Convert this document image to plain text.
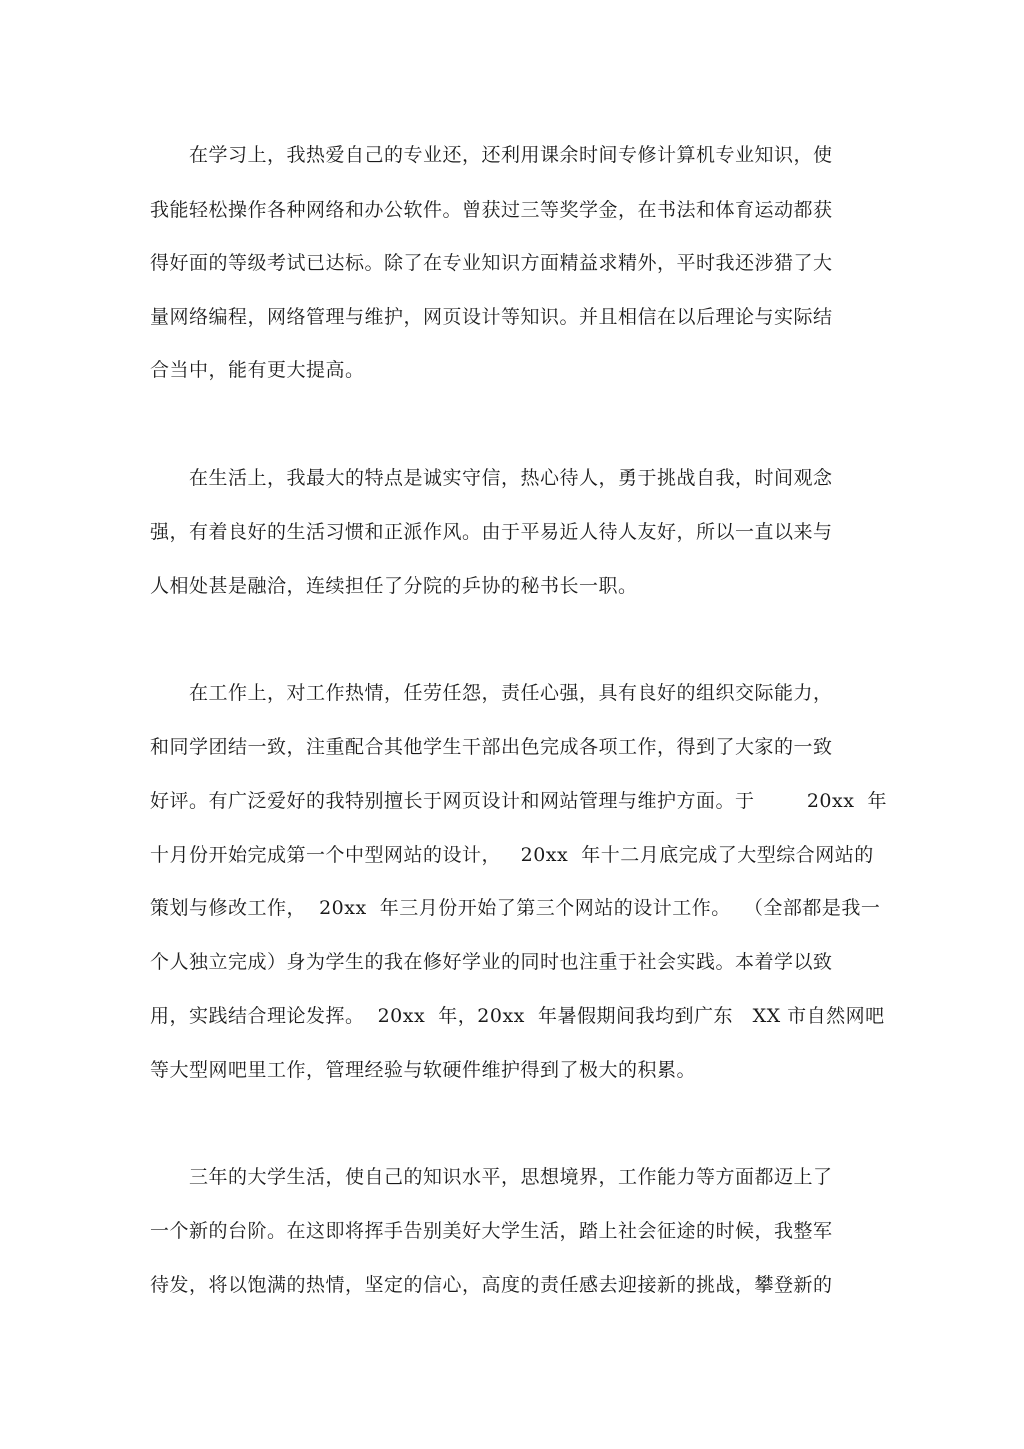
　　在学习上，我热爱自己的专业还，还利用课余时间专修计算机专业知识，使

我能轻松操作各种网络和办公软件。曾获过三等奖学金，在书法和体育运动都获

得好面的等级考试已达标。除了在专业知识方面精益求精外，平时我还涉猎了大

量网络编程，网络管理与维护，网页设计等知识。并且相信在以后理论与实际结

合当中，能有更大提高。

　　在生活上，我最大的特点是诚实守信，热心待人，勇于挑战自我，时间观念

强，有着良好的生活习惯和正派作风。由于平易近人待人友好，所以一直以来与

人相处甚是融洽，连续担任了分院的乒协的秘书长一职。

　　在工作上，对工作热情，任劳任怨，责任心强，具有良好的组织交际能力，

和同学团结一致，注重配合其他学生干部出色完成各项工作，得到了大家的一致

好评。有广泛爱好的我特别擅长于网页设计和网站管理与维护方面。于        20xx  年

十月份开始完成第一个中型网站的设计，   20xx  年十二月底完成了大型综合网站的

策划与修改工作，  20xx  年三月份开始了第三个网站的设计工作。  （全部都是我一

个人独立完成）身为学生的我在修好学业的同时也注重于社会实践。本着学以致

用，实践结合理论发挥。  20xx  年，20xx  年暑假期间我均到广东   XX 市自然网吧

等大型网吧里工作，管理经验与软硬件维护得到了极大的积累。

　　三年的大学生活，使自己的知识水平，思想境界，工作能力等方面都迈上了

一个新的台阶。在这即将挥手告别美好大学生活，踏上社会征途的时候，我整军

待发，将以饱满的热情，坚定的信心，高度的责任感去迎接新的挑战，攀登新的
